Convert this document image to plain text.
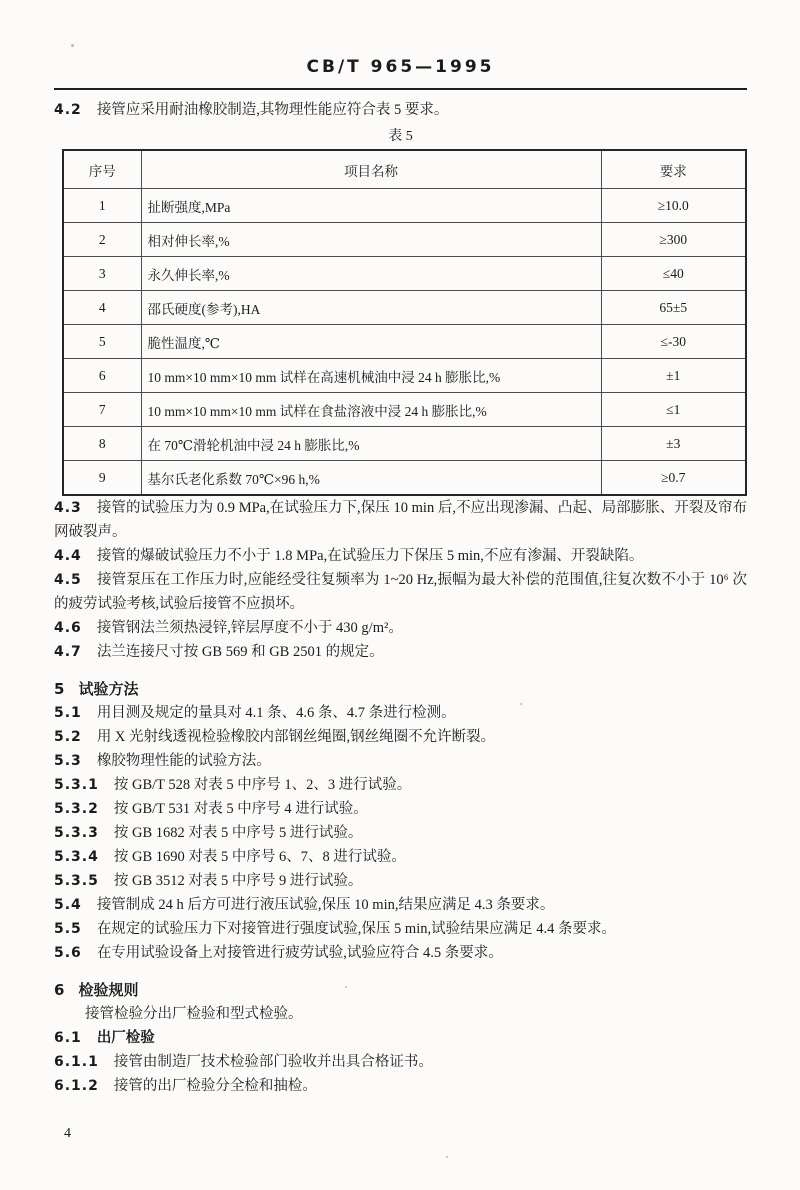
CB/T 965—1995

4.2 接管应采用耐油橡胶制造,其物理性能应符合表 5 要求。

表 5
序号	项目名称	要求
1	扯断强度,MPa	≥10.0
2	相对伸长率,%	≥300
3	永久伸长率,%	≤40
4	邵氏硬度(参考),HA	65±5
5	脆性温度,℃	≤-30
6	10 mm×10 mm×10 mm 试样在高速机械油中浸 24 h 膨胀比,%	±1
7	10 mm×10 mm×10 mm 试样在食盐溶液中浸 24 h 膨胀比,%	≤1
8	在 70℃滑轮机油中浸 24 h 膨胀比,%	±3
9	基尔氏老化系数 70℃×96 h,%	≥0.7

4.3 接管的试验压力为 0.9 MPa,在试验压力下,保压 10 min 后,不应出现渗漏、凸起、局部膨胀、开裂及帘布网破裂声。

4.4 接管的爆破试验压力不小于 1.8 MPa,在试验压力下保压 5 min,不应有渗漏、开裂缺陷。

4.5 接管泵压在工作压力时,应能经受往复频率为 1~20 Hz,振幅为最大补偿的范围值,往复次数不小于 10⁶ 次的疲劳试验考核,试验后接管不应损坏。

4.6 接管钢法兰须热浸锌,锌层厚度不小于 430 g/m²。

4.7 法兰连接尺寸按 GB 569 和 GB 2501 的规定。

5 试验方法

5.1 用目测及规定的量具对 4.1 条、4.6 条、4.7 条进行检测。

5.2 用 X 光射线透视检验橡胶内部钢丝绳圈,钢丝绳圈不允许断裂。

5.3 橡胶物理性能的试验方法。

5.3.1 按 GB/T 528 对表 5 中序号 1、2、3 进行试验。

5.3.2 按 GB/T 531 对表 5 中序号 4 进行试验。

5.3.3 按 GB 1682 对表 5 中序号 5 进行试验。

5.3.4 按 GB 1690 对表 5 中序号 6、7、8 进行试验。

5.3.5 按 GB 3512 对表 5 中序号 9 进行试验。

5.4 接管制成 24 h 后方可进行液压试验,保压 10 min,结果应满足 4.3 条要求。

5.5 在规定的试验压力下对接管进行强度试验,保压 5 min,试验结果应满足 4.4 条要求。

5.6 在专用试验设备上对接管进行疲劳试验,试验应符合 4.5 条要求。

6 检验规则

接管检验分出厂检验和型式检验。

6.1 出厂检验

6.1.1 接管由制造厂技术检验部门验收并出具合格证书。

6.1.2 接管的出厂检验分全检和抽检。

4
